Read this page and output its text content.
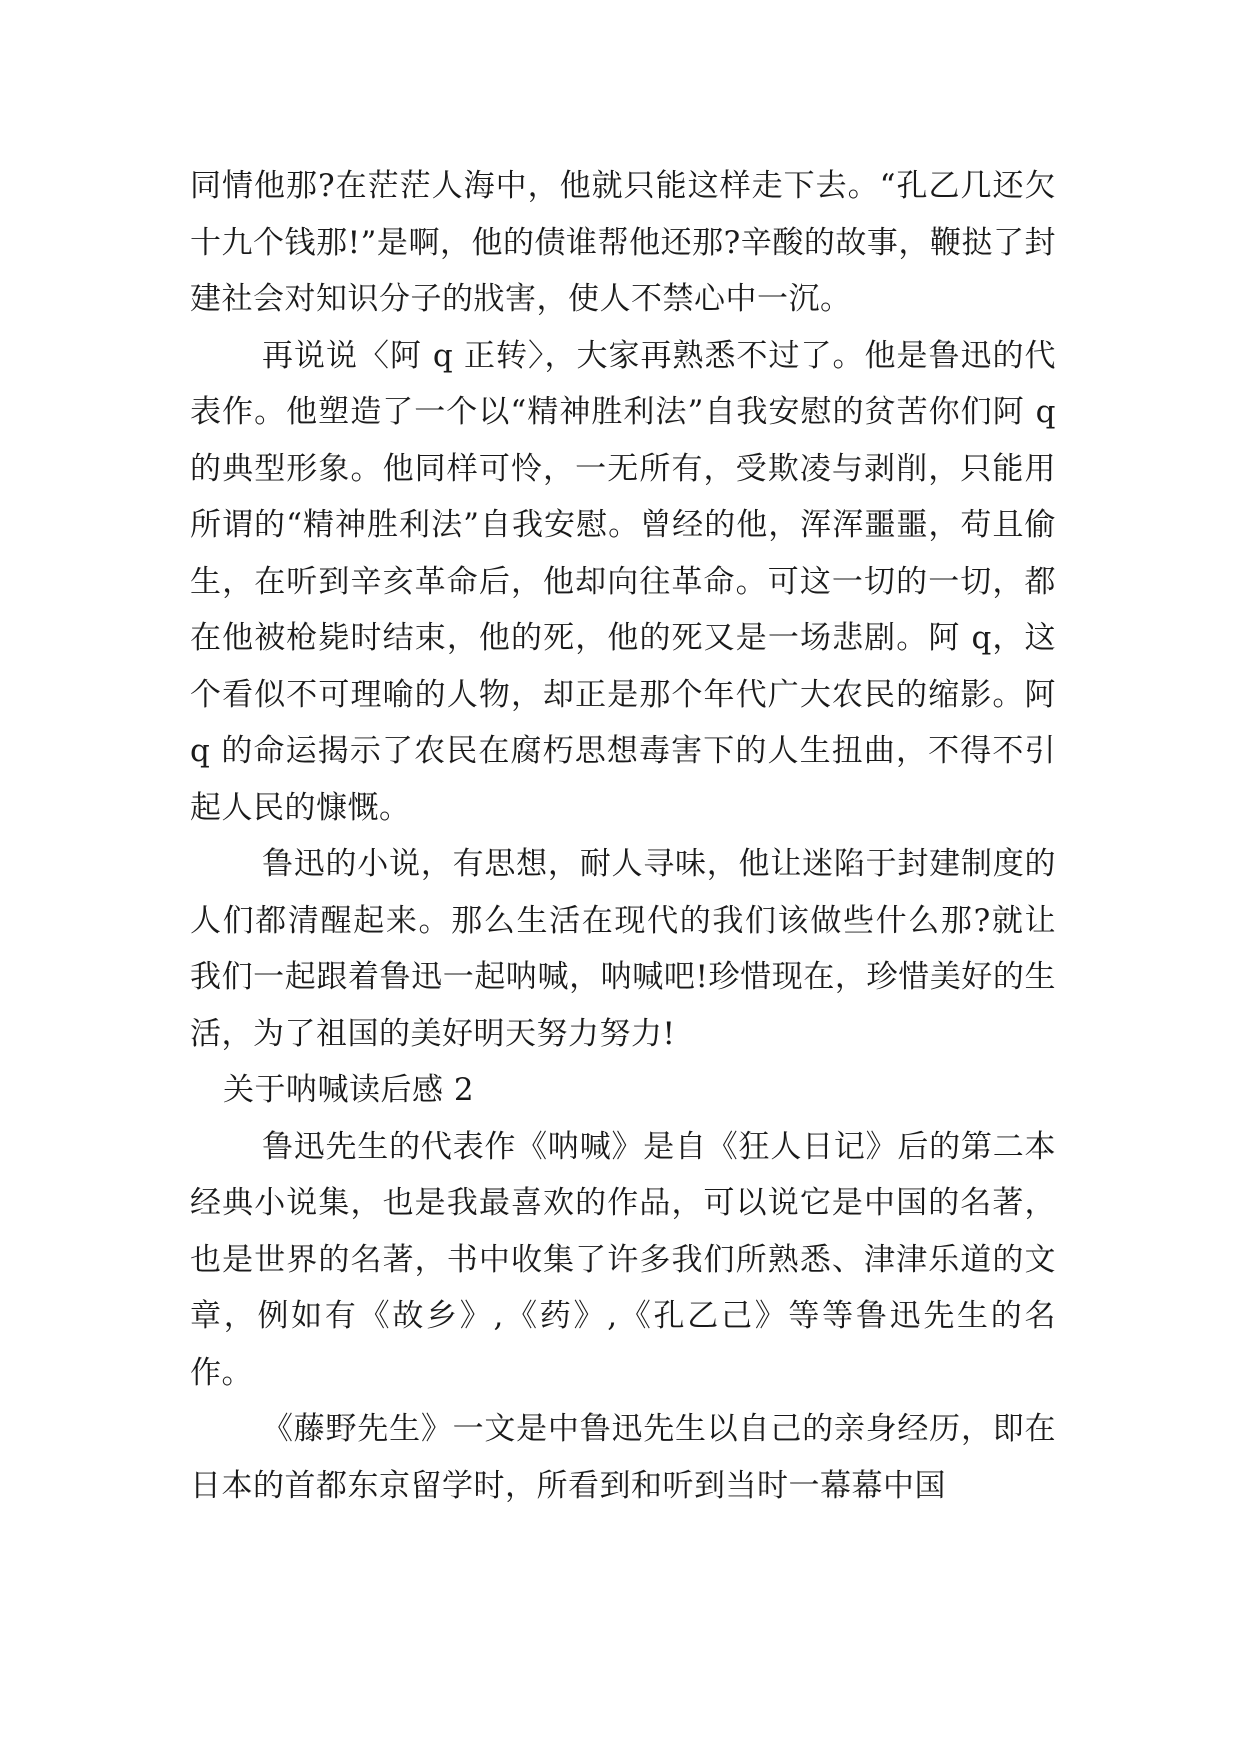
同情他那?在茫茫人海中，他就只能这样走下去。“孔乙几还欠十九个钱那!”是啊，他的债谁帮他还那?辛酸的故事，鞭挞了封建社会对知识分子的戕害，使人不禁心中一沉。

再说说〈阿 q 正转〉，大家再熟悉不过了。他是鲁迅的代表作。他塑造了一个以“精神胜利法”自我安慰的贫苦你们阿 q 的典型形象。他同样可怜，一无所有，受欺凌与剥削，只能用所谓的“精神胜利法”自我安慰。曾经的他，浑浑噩噩，苟且偷生，在听到辛亥革命后，他却向往革命。可这一切的一切，都在他被枪毙时结束，他的死，他的死又是一场悲剧。阿 q，这个看似不可理喻的人物，却正是那个年代广大农民的缩影。阿 q 的命运揭示了农民在腐朽思想毒害下的人生扭曲，不得不引起人民的慷慨。

鲁迅的小说，有思想，耐人寻味，他让迷陷于封建制度的人们都清醒起来。那么生活在现代的我们该做些什么那?就让我们一起跟着鲁迅一起呐喊，呐喊吧!珍惜现在，珍惜美好的生活，为了祖国的美好明天努力努力!

关于呐喊读后感 2

鲁迅先生的代表作《呐喊》是自《狂人日记》后的第二本经典小说集，也是我最喜欢的作品，可以说它是中国的名著，也是世界的名著，书中收集了许多我们所熟悉、津津乐道的文章，例如有《故乡》,《药》,《孔乙己》等等鲁迅先生的名作。

《藤野先生》一文是中鲁迅先生以自己的亲身经历，即在日本的首都东京留学时，所看到和听到当时一幕幕中国
